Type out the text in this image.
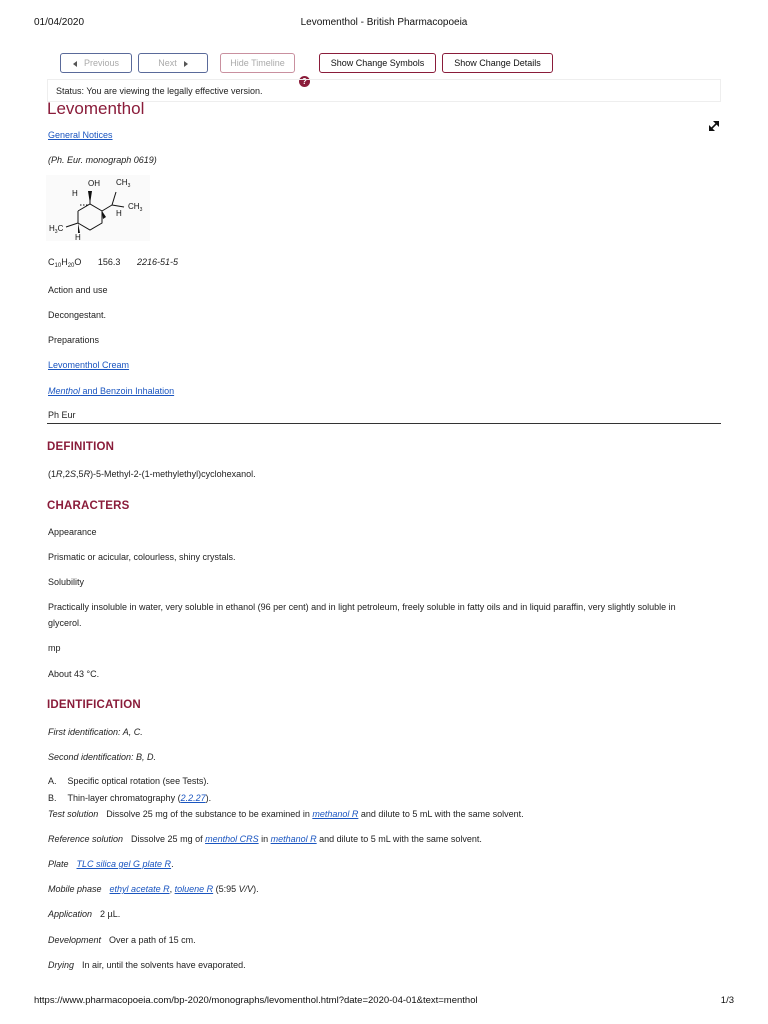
01/04/2020	Levomenthol - British Pharmacopoeia
Previous	Next	Hide Timeline	Show Change Symbols	Show Change Details
?
Status: You are viewing the legally effective version.
Levomenthol
General Notices
(Ph. Eur. monograph 0619)
OH $CH_3$
H
$CH_3$
H
$H_3C$
H
$C_{10}H_{20}O$ 156.3 2216-51-5
Action and use
Decongestant.
Preparations
Levomenthol Cream
Menthol and Benzoin Inhalation
Ph Eur
DEFINITION
(1R,2S,5R)-5-Methyl-2-(1-methylethyl)cyclohexanol.
CHARACTERS
Appearance
Prismatic or acicular, colourless, shiny crystals.
Solubility
Practically insoluble in water, very soluble in ethanol (96 per cent) and in light petroleum, freely soluble in fatty oils and in liquid paraffin, very slightly soluble in glycerol.
mp
About 43 °C.
IDENTIFICATION
First identification: A, C.
Second identification: B, D.
A. Specific optical rotation (see Tests).
B. Thin-layer chromatography (2.2.27).
Test solution Dissolve 25 mg of the substance to be examined in methanol R and dilute to 5 mL with the same solvent.
Reference solution Dissolve 25 mg of menthol CRS in methanol R and dilute to 5 mL with the same solvent.
Plate TLC silica gel G plate R.
Mobile phase ethyl acetate R, toluene R (5:95 V/V).
Application 2 µL.
Development Over a path of 15 cm.
Drying In air, until the solvents have evaporated.
https://www.pharmacopoeia.com/bp-2020/monographs/levomenthol.html?date=2020-04-01&text=menthol	1/3
